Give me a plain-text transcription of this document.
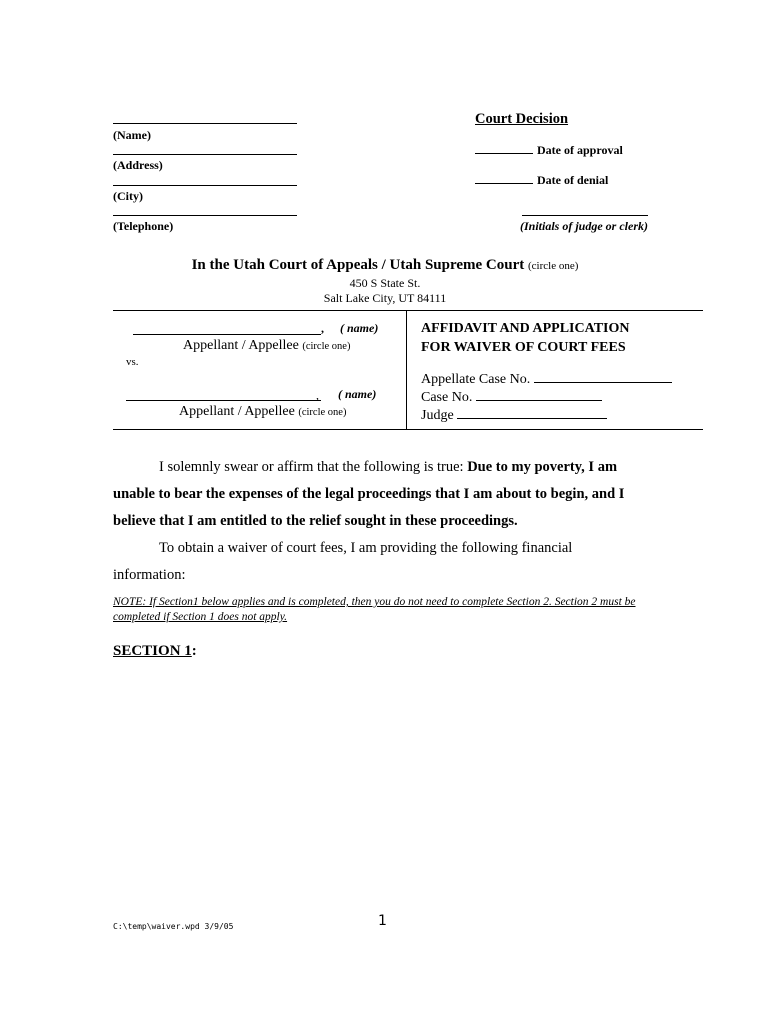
(Name)
(Address)
(City)
(Telephone)
Court Decision
Date of approval
Date of denial
(Initials of judge or clerk)
In the Utah Court of Appeals / Utah Supreme Court (circle one)
450 S State St.
Salt Lake City, UT 84111
, ( name)
Appellant / Appellee (circle one)
vs.
, ( name)
Appellant / Appellee (circle one)
AFFIDAVIT AND APPLICATION
FOR WAIVER OF COURT FEES
Appellate Case No.
Case No.
Judge
I solemnly swear or affirm that the following is true: Due to my poverty, I am
unable to bear the expenses of the legal proceedings that I am about to begin, and I
believe that I am entitled to the relief sought in these proceedings.
To obtain a waiver of court fees, I am providing the following financial
information:
NOTE: If Section1 below applies and is completed, then you do not need to complete Section 2. Section 2 must be completed if Section 1 does not apply.
SECTION 1:
C:\temp\waiver.wpd 3/9/05	1
